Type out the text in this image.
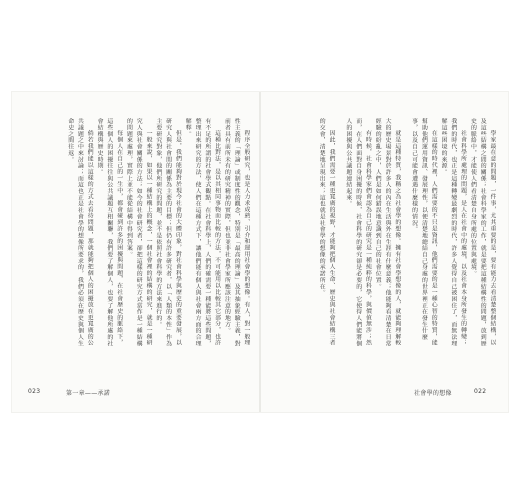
程序全般研究，也是人力求成熟、引介和運用社會學的想像。有人，對一般理性主義的「理論」或制度性的觀念，特別是「最高的理論」及其抽象經驗主義，對前者具有前所未有的研究精神的實際，但也並非社會學家所應該注意的地方。

這種比對法，是以其相同事物而比較的方法，不可能用以比較其它部分，也許有不足的所謂的社會學式觀點。在社會科學上，人們的確需要一種能將這些問題，整理出來研究的方法，使人們在這種方式下，讓他們能有個人與社會兩方面的合理解釋。

但是，我們能夠對於現今社會的大體印象，對社會科學與歷史的重要發展，以研究人與社會間的關係為主要的目標；但仍有許多研究者，以「人類的本性」作為主要研究對象，他們所研究的問題，並不是依照社會科學的方法來進行的。

一般來說，如果以一種結構上的概念，一個社會裡的結構的研究，就是一種研究人與社會關係的方法；如今的社會研究者，卻把這樣的研究方式當作是一種結構的問題來處理，實際上並不能從結構中得到答案。

每個人在自己的一生中，都會碰到許多的困擾與問題，在社會歷史的脈絡下，這些個人的困擾往往與公共議題互相關聯，我們要了解個人，也要了解他所處的社會結構與歷史時期。

倘若我們能以這樣的方式去看待問題，那就能夠把個人的困擾放在更寬廣的公共議題之中來討論；而這也正是社會學的想像所要求的，我們必須在歷史與個人生命史之間往返。

023	第一章——承諾

學家最在意的問題，一件事，尤其重要的是，要有能力去看清楚整個結構，以及這些結構之間的關係；社會科學家的工作，就是要把這種結構性的問題，放到歷史的脈絡中，才能使人們看清楚自身所處的位置與處境。

社會科學所處理的問題，是人在社會中的處境，以及社會本身所發生的轉變；我們的時代，也正是這種轉變最劇烈的時代，許多人覺得自己被困住了，而無法理解這些困境的來源。

在這樣的時代裡，人們需要的不只是資訊，他們需要的是一種心智的特質，能幫助他們運用資訊、發展理性，以便清楚地總結自己身處的世界裡正在發生什麼事，以及自己可能會遭遇什麼樣的情況。

就是這種特質，我稱之為社會學的想像。擁有社會學想像的人，就能夠理解較大的歷史場景對於許多人的內在生活與外在生涯有什麼意義；他能夠看清楚在日常經驗的紛亂之中，人們是如何錯誤地意識到自己的社會位置。

有時候，社會科學家們會認為自己的研究是一種純粹的科學，與價值無涉；然而，在人們面對自身困擾的時候，社會科學的研究卻是必要的，它使得人們能將個人的困擾與公共議題連結起來。

因此，我們需要一種更寬廣的視野，才能夠把個人生命、歷史與社會結構三者的交會，清楚地呈現出來；這也就是社會學的想像的承諾所在。

社會學的想像	022
